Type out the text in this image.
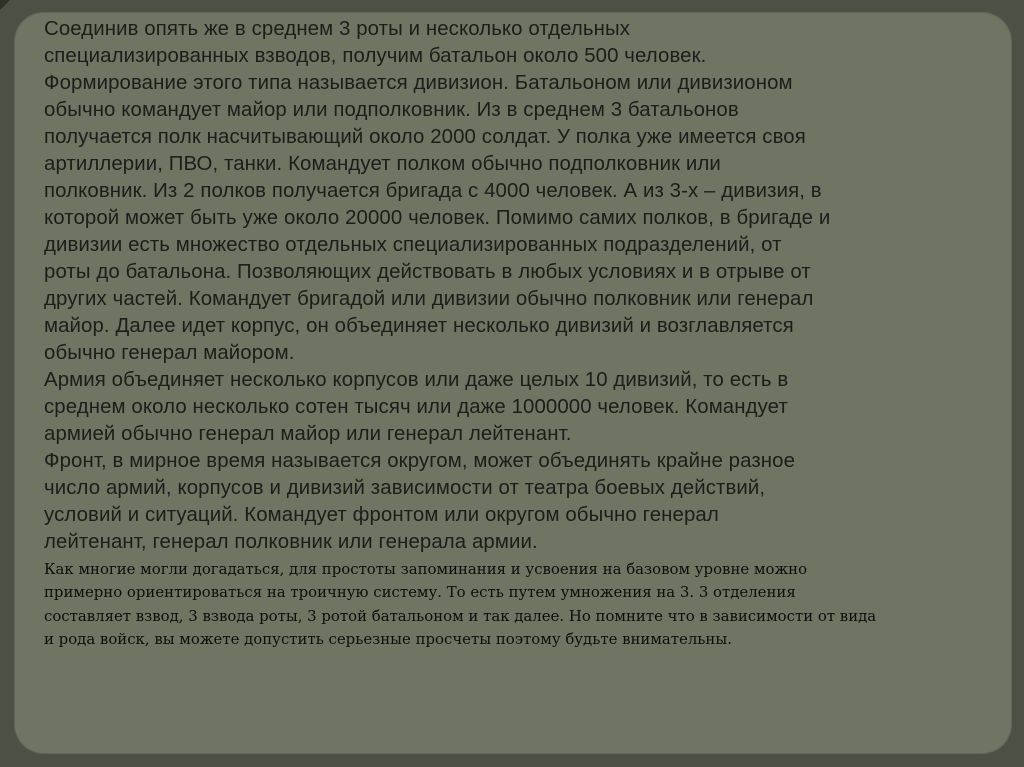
Соединив опять же в среднем 3 роты и несколько отдельных
специализированных взводов, получим батальон около 500 человек.
Формирование этого типа называется дивизион. Батальоном или дивизионом
обычно командует майор или подполковник. Из в среднем 3 батальонов
получается полк насчитывающий около 2000 солдат. У полка уже имеется своя
артиллерии, ПВО, танки. Командует полком обычно подполковник или
полковник. Из 2 полков получается бригада с 4000 человек. А из 3-х – дивизия, в
которой может быть уже около 20000 человек. Помимо самих полков, в бригаде и
дивизии есть множество отдельных специализированных подразделений, от
роты до батальона. Позволяющих действовать в любых условиях и в отрыве от
других частей. Командует бригадой или дивизии обычно полковник или генерал
майор. Далее идет корпус, он объединяет несколько дивизий и возглавляется
обычно генерал майором.

Армия объединяет несколько корпусов или даже целых 10 дивизий, то есть в
среднем около несколько сотен тысяч или даже 1000000 человек. Командует
армией обычно генерал майор или генерал лейтенант.

Фронт, в мирное время называется округом, может объединять крайне разное
число армий, корпусов и дивизий зависимости от театра боевых действий,
условий и ситуаций. Командует фронтом или округом обычно генерал
лейтенант, генерал полковник или генерала армии.

Как многие могли догадаться, для простоты запоминания и усвоения на базовом уровне можно
примерно ориентироваться на троичную систему. То есть путем умножения на 3. 3 отделения
составляет взвод, 3 взвода роты, 3 ротой батальоном и так далее. Но помните что в зависимости от вида
и рода войск, вы можете допустить серьезные просчеты поэтому будьте внимательны.
